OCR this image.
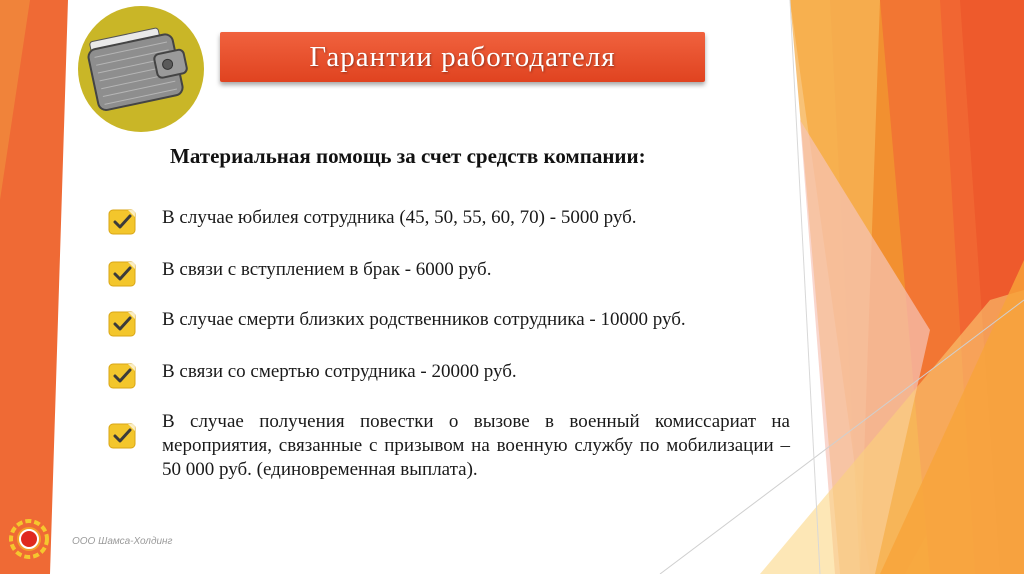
Гарантии работодателя
Материальная помощь за счет средств компании:
В случае юбилея сотрудника (45, 50, 55, 60, 70) - 5000 руб.
В связи с вступлением в брак - 6000 руб.
В случае смерти близких родственников сотрудника - 10000 руб.
В связи со смертью сотрудника - 20000 руб.
В случае получения повестки о вызове в военный комиссариат на мероприятия, связанные с призывом на военную службу по мобилизации – 50 000 руб. (единовременная выплата).
ООО Шамса-Холдинг
